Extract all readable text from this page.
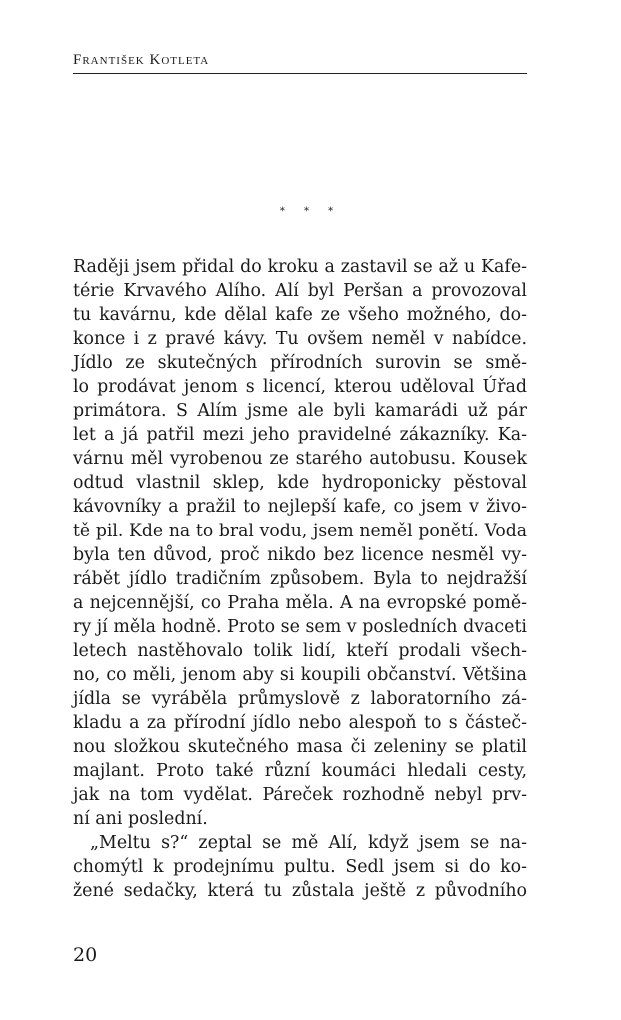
František Kotleta
* * *
Raději jsem přidal do kroku a zastavil se až u Kafe-
térie Krvavého Alího. Alí byl Peršan a provozoval
tu kavárnu, kde dělal kafe ze všeho možného, do-
konce i z pravé kávy. Tu ovšem neměl v nabídce.
Jídlo ze skutečných přírodních surovin se smě-
lo prodávat jenom s licencí, kterou uděloval Úřad
primátora. S Alím jsme ale byli kamarádi už pár
let a já patřil mezi jeho pravidelné zákazníky. Ka-
várnu měl vyrobenou ze starého autobusu. Kousek
odtud vlastnil sklep, kde hydroponicky pěstoval
kávovníky a pražil to nejlepší kafe, co jsem v živo-
tě pil. Kde na to bral vodu, jsem neměl ponětí. Voda
byla ten důvod, proč nikdo bez licence nesměl vy-
rábět jídlo tradičním způsobem. Byla to nejdražší
a nejcennější, co Praha měla. A na evropské pomě-
ry jí měla hodně. Proto se sem v posledních dvaceti
letech nastěhovalo tolik lidí, kteří prodali všech-
no, co měli, jenom aby si koupili občanství. Většina
jídla se vyráběla průmyslově z laboratorního zá-
kladu a za přírodní jídlo nebo alespoň to s částeč-
nou složkou skutečného masa či zeleniny se platil
majlant. Proto také různí koumáci hledali cesty,
jak na tom vydělat. Páreček rozhodně nebyl prv-
ní ani poslední.
„Meltu s?“ zeptal se mě Alí, když jsem se na-
chomýtl k prodejnímu pultu. Sedl jsem si do ko-
žené sedačky, která tu zůstala ještě z původního
20
